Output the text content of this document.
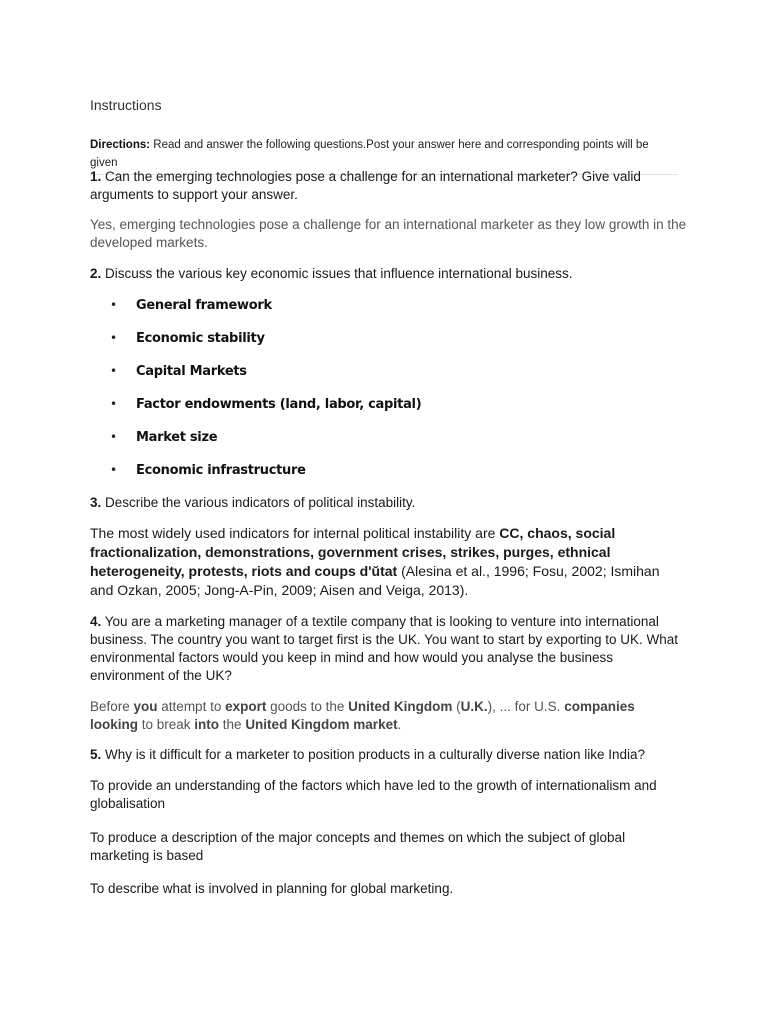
Instructions
Directions: Read and answer the following questions.Post your answer here and corresponding points will be given
1. Can the emerging technologies pose a challenge for an international marketer? Give valid arguments to support your answer.
Yes, emerging technologies pose a challenge for an international marketer as they low growth in the developed markets.
2. Discuss the various key economic issues that influence international business.
• General framework
• Economic stability
• Capital Markets
• Factor endowments (land, labor, capital)
• Market size
• Economic infrastructure
3. Describe the various indicators of political instability.
The most widely used indicators for internal political instability are CC, chaos, social fractionalization, demonstrations, government crises, strikes, purges, ethnical heterogeneity, protests, riots and coups d'ŭtat (Alesina et al., 1996; Fosu, 2002; Ismihan and Ozkan, 2005; Jong-A-Pin, 2009; Aisen and Veiga, 2013).
4. You are a marketing manager of a textile company that is looking to venture into international business. The country you want to target first is the UK. You want to start by exporting to UK. What environmental factors would you keep in mind and how would you analyse the business environment of the UK?
Before you attempt to export goods to the United Kingdom (U.K.), ... for U.S. companies looking to break into the United Kingdom market.
5. Why is it difficult for a marketer to position products in a culturally diverse nation like India?
To provide an understanding of the factors which have led to the growth of internationalism and globalisation
To produce a description of the major concepts and themes on which the subject of global marketing is based
To describe what is involved in planning for global marketing.
